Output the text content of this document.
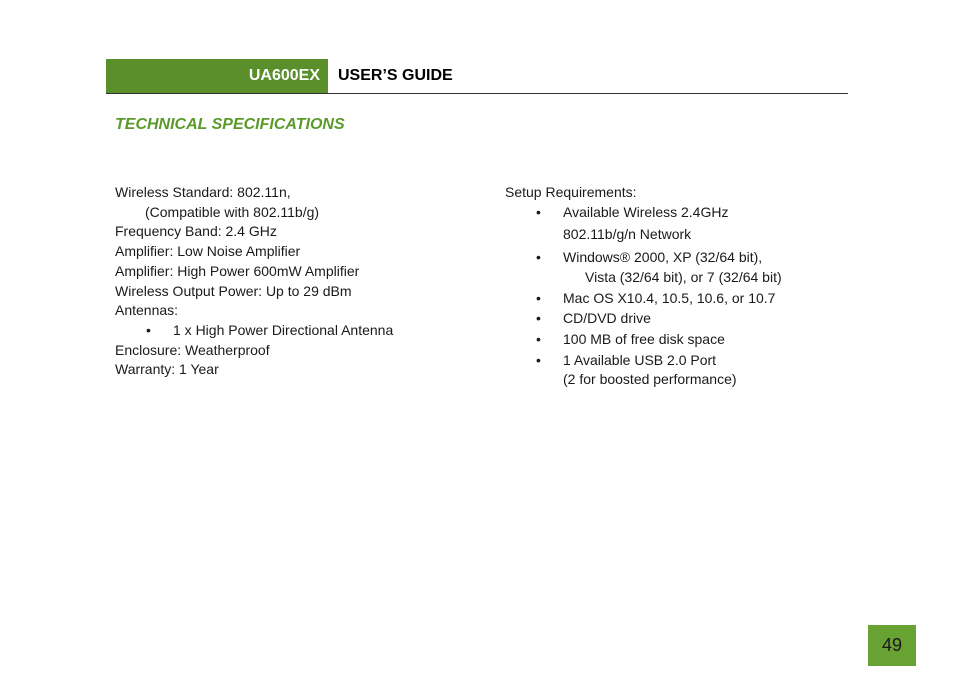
UA600EX USER’S GUIDE
TECHNICAL SPECIFICATIONS
Wireless Standard: 802.11n,
(Compatible with 802.11b/g)
Frequency Band: 2.4 GHz
Amplifier: Low Noise Amplifier
Amplifier: High Power 600mW Amplifier
Wireless Output Power: Up to 29 dBm
Antennas:
• 1 x High Power Directional Antenna
Enclosure: Weatherproof
Warranty: 1 Year
Setup Requirements:
• Available Wireless 2.4GHz
802.11b/g/n Network
• Windows® 2000, XP (32/64 bit),
Vista (32/64 bit), or 7 (32/64 bit)
• Mac OS X10.4, 10.5, 10.6, or 10.7
• CD/DVD drive
• 100 MB of free disk space
• 1 Available USB 2.0 Port
(2 for boosted performance)
49
